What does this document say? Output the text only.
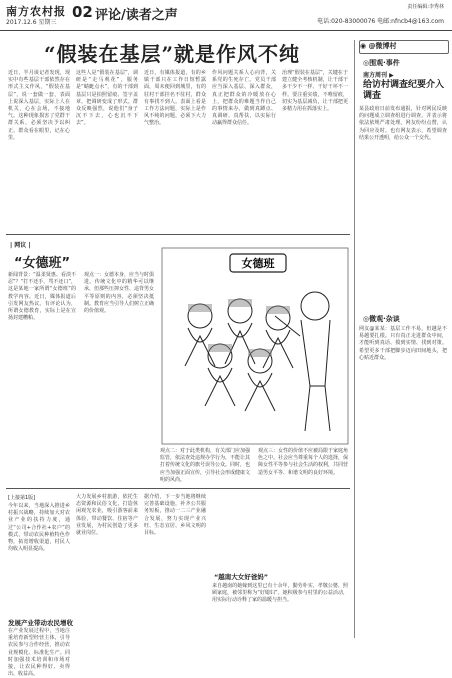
南方农村报
2017.12.6 星期三
02 评论/读者之声
责任编辑:李秀林
电话:020-83000076 电邮:nfncb4@163.com
“假装在基层”就是作风不纯
近日，半月谈记者发现，现实中有些基层干部依然存在形式主义作风，“假装在基层”，说一套做一套，表面上说深入基层，实际上人在机关，心在会场，不接地气。这种现象损害了党群干群关系，必须坚决予以纠正。群众看在眼里，记在心里。
这些人是“假装在基层”，调研是“走马观花”，服务是“蜻蜓点水”，有的干部到基层只是拍照留痕、签字盖章，把调研变成了形式。群众反映强烈，说他们“身子沉不下去，心也沉不下去”。
近日，有媒体报道，有的乡镇干部只在工作日短暂露面，周末便回到城里，有的驻村干部挂名不驻村，群众有事找不到人。表面上看是工作方法问题，实际上是作风不纯的问题，必须下大力气整治。
作风问题关系人心向背，关系党的生死存亡。党员干部应当深入基层、深入群众，真正把群众的冷暖放在心上，把群众的难题当作自己的事情来办，做到真蹲点、真调研、真帮扶，以实际行动赢得群众信任。
治理“假装在基层”，关键在于建立健全考核机制，让干部干多干少不一样、干好干坏不一样。要注重实绩，不唯留痕，切实为基层减负，让干部把更多精力用在抓落实上。
| 网议 |
“女德班”
新闻背景：“温柔贤惠、看淡不忍”？“打不还手、骂不还口”，这是某地一家所谓“女德班”的教学内容。近日，媒体报道后引发网友热议。有评论认为，所谓女德教育，实际上是在宣扬封建糟粕。
观点一：女德本身，应当与时俱进。传统文化中的精华可以继承，但那些压抑女性、违背男女平等原则的内容，必须坚决抵制。教育应当引导人们树立正确的价值观。
观点二：对于此类机构，有关部门应加强监管，依法查处违规办学行为，不能让其打着传统文化的旗号误导公众。同时，也应当加强正面宣传，引导社会形成健康文明的风尚。
观点三：女性的价值不应被局限于家庭角色之中。社会应当尊重每个人的选择，保障女性平等参与社会生活的权利，共同营造男女平等、和谐文明的良好环境。
女德班
[上接第1版]
今年以来，当地深入推进乡村振兴战略，持续加大对农业产业的扶持力度，通过“公司+合作社+农户”的模式，带动农民种植特色作物，拓宽增收渠道，村民人均收入明显提高。
发展产业带动农民增收
在产业发展过程中，当地注重培育新型经营主体，引导农民参与合作经营，推动农业规模化、标准化生产。同时加强技术培训和市场对接，让农民种得好、卖得出、收益高。
大力发展乡村旅游，依托生态资源和民俗文化，打造休闲观光农业，吸引游客前来体验，带动餐饮、住宿等产业发展，为村民创造了更多就业岗位。
据介绍，下一步当地将继续完善基础设施，补齐公共服务短板，推动一二三产业融合发展，努力实现产业兴旺、生态宜居、乡风文明的目标。
“越南大女好爸妈”
来自越南的她嫁到这里已有十余年，勤劳朴实，孝敬公婆，照顾家庭，被邻里称为“好媳妇”。她积极参与村里的公益活动，用实际行动诠释了家的温暖与担当。
◉ @微博村
◎围观·事件
南方周刊 ▶
给访村调查纪要介入调查
某县政府日前发布通报，针对网民反映的问题成立调查组进行调查，并表示将依法依规严肃处理。网友纷纷点赞，认为回应及时。也有网友表示，希望调查结果公开透明，给公众一个交代。
◎微观·杂谈
网友@某某：基层工作不易，但越是不易越要扎根。只有真正走进群众中间，才能听到真话、摸到实情、找到对策。希望更多干部把脚步迈向田间地头，把心贴近群众。
